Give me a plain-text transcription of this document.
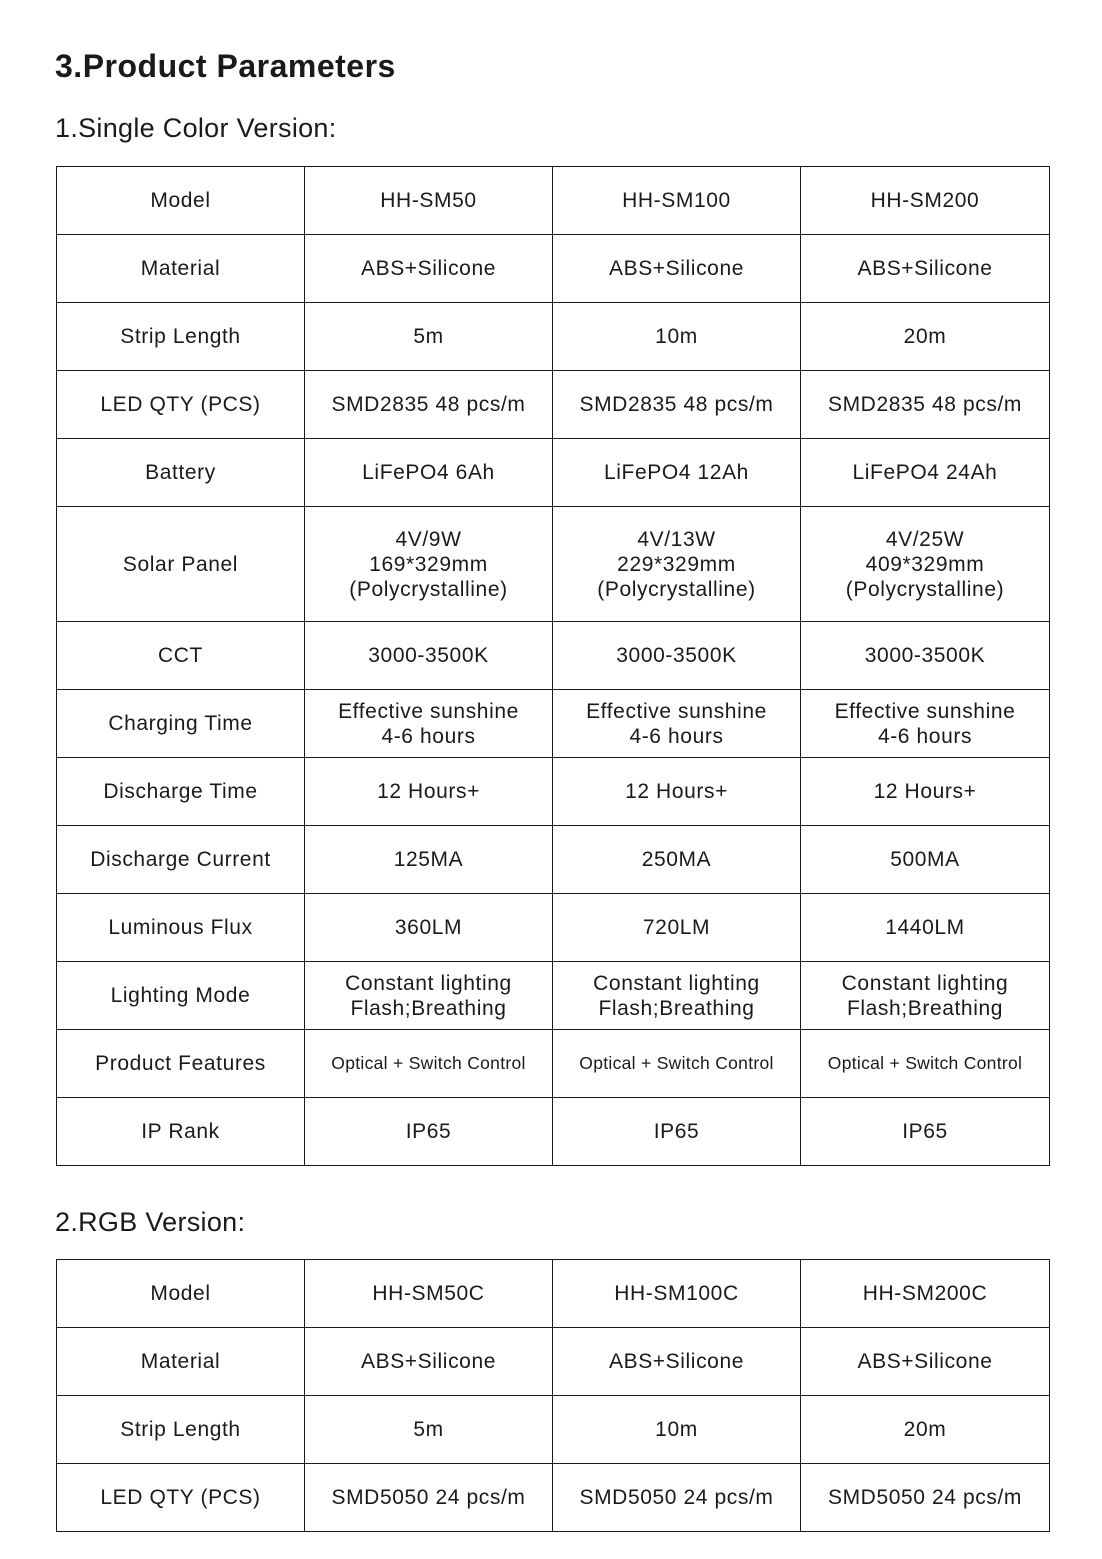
3.Product Parameters
1.Single Color Version:
Model	HH-SM50	HH-SM100	HH-SM200
Material	ABS+Silicone	ABS+Silicone	ABS+Silicone
Strip Length	5m	10m	20m
LED QTY (PCS)	SMD2835 48 pcs/m	SMD2835 48 pcs/m	SMD2835 48 pcs/m
Battery	LiFePO4 6Ah	LiFePO4 12Ah	LiFePO4 24Ah
Solar Panel	4V/9W
169*329mm
(Polycrystalline)	4V/13W
229*329mm
(Polycrystalline)	4V/25W
409*329mm
(Polycrystalline)
CCT	3000-3500K	3000-3500K	3000-3500K
Charging Time	Effective sunshine
4-6 hours	Effective sunshine
4-6 hours	Effective sunshine
4-6 hours
Discharge Time	12 Hours+	12 Hours+	12 Hours+
Discharge Current	125MA	250MA	500MA
Luminous Flux	360LM	720LM	1440LM
Lighting Mode	Constant lighting
Flash;Breathing	Constant lighting
Flash;Breathing	Constant lighting
Flash;Breathing
Product Features	Optical + Switch Control	Optical + Switch Control	Optical + Switch Control
IP Rank	IP65	IP65	IP65
2.RGB Version:
Model	HH-SM50C	HH-SM100C	HH-SM200C
Material	ABS+Silicone	ABS+Silicone	ABS+Silicone
Strip Length	5m	10m	20m
LED QTY (PCS)	SMD5050 24 pcs/m	SMD5050 24 pcs/m	SMD5050 24 pcs/m
